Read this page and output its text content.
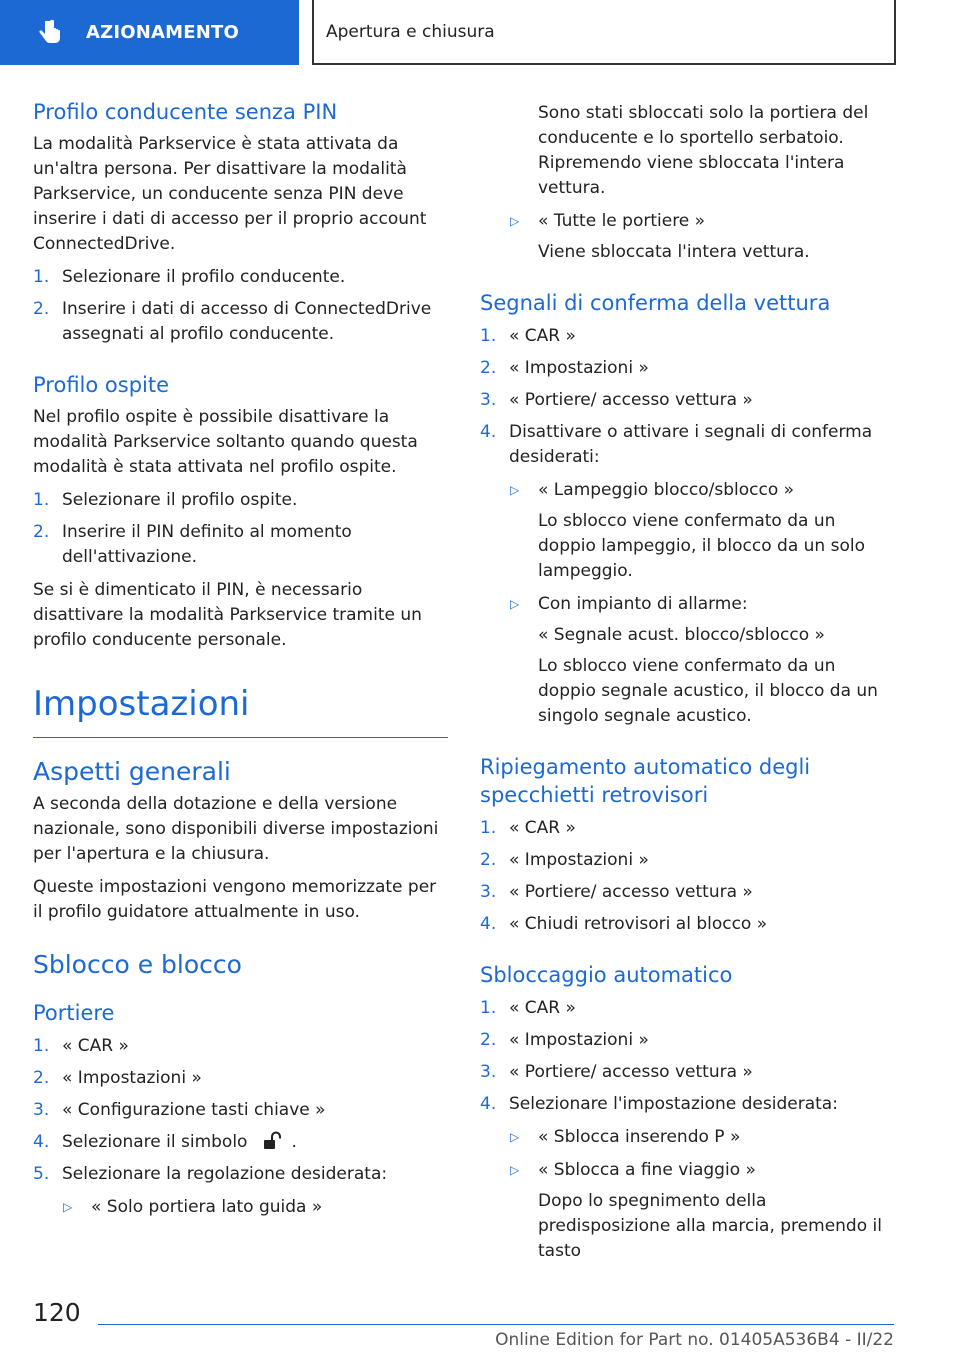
AZIONAMENTO	Apertura e chiusura
Profilo conducente senza PIN
La modalità Parkservice è stata attivata da un'altra persona. Per disattivare la modalità Parkservice, un conducente senza PIN deve inserire i dati di accesso per il proprio account ConnectedDrive.
1. Selezionare il profilo conducente.
2. Inserire i dati di accesso di ConnectedDrive assegnati al profilo conducente.
Profilo ospite
Nel profilo ospite è possibile disattivare la modalità Parkservice soltanto quando questa modalità è stata attivata nel profilo ospite.
1. Selezionare il profilo ospite.
2. Inserire il PIN definito al momento dell'attivazione.
Se si è dimenticato il PIN, è necessario disattivare la modalità Parkservice tramite un profilo conducente personale.
Impostazioni
Aspetti generali
A seconda della dotazione e della versione nazionale, sono disponibili diverse impostazioni per l'apertura e la chiusura.
Queste impostazioni vengono memorizzate per il profilo guidatore attualmente in uso.
Sblocco e blocco
Portiere
1. « CAR »
2. « Impostazioni »
3. « Configurazione tasti chiave »
4. Selezionare il simbolo	.
5. Selezionare la regolazione desiderata:
▷	« Solo portiera lato guida »
Sono stati sbloccati solo la portiera del conducente e lo sportello serbatoio. Ripremendo viene sbloccata l'intera vettura.
▷	« Tutte le portiere »
Viene sbloccata l'intera vettura.
Segnali di conferma della vettura
1. « CAR »
2. « Impostazioni »
3. « Portiere/ accesso vettura »
4. Disattivare o attivare i segnali di conferma desiderati:
▷	« Lampeggio blocco/sblocco »
Lo sblocco viene confermato da un doppio lampeggio, il blocco da un solo lampeggio.
▷	Con impianto di allarme:
« Segnale acust. blocco/sblocco »
Lo sblocco viene confermato da un doppio segnale acustico, il blocco da un singolo segnale acustico.
Ripiegamento automatico degli specchietti retrovisori
1. « CAR »
2. « Impostazioni »
3. « Portiere/ accesso vettura »
4. « Chiudi retrovisori al blocco »
Sbloccaggio automatico
1. « CAR »
2. « Impostazioni »
3. « Portiere/ accesso vettura »
4. Selezionare l'impostazione desiderata:
▷	« Sblocca inserendo P »
▷	« Sblocca a fine viaggio »
Dopo lo spegnimento della predisposizione alla marcia, premendo il tasto
120
Online Edition for Part no. 01405A536B4 - II/22
